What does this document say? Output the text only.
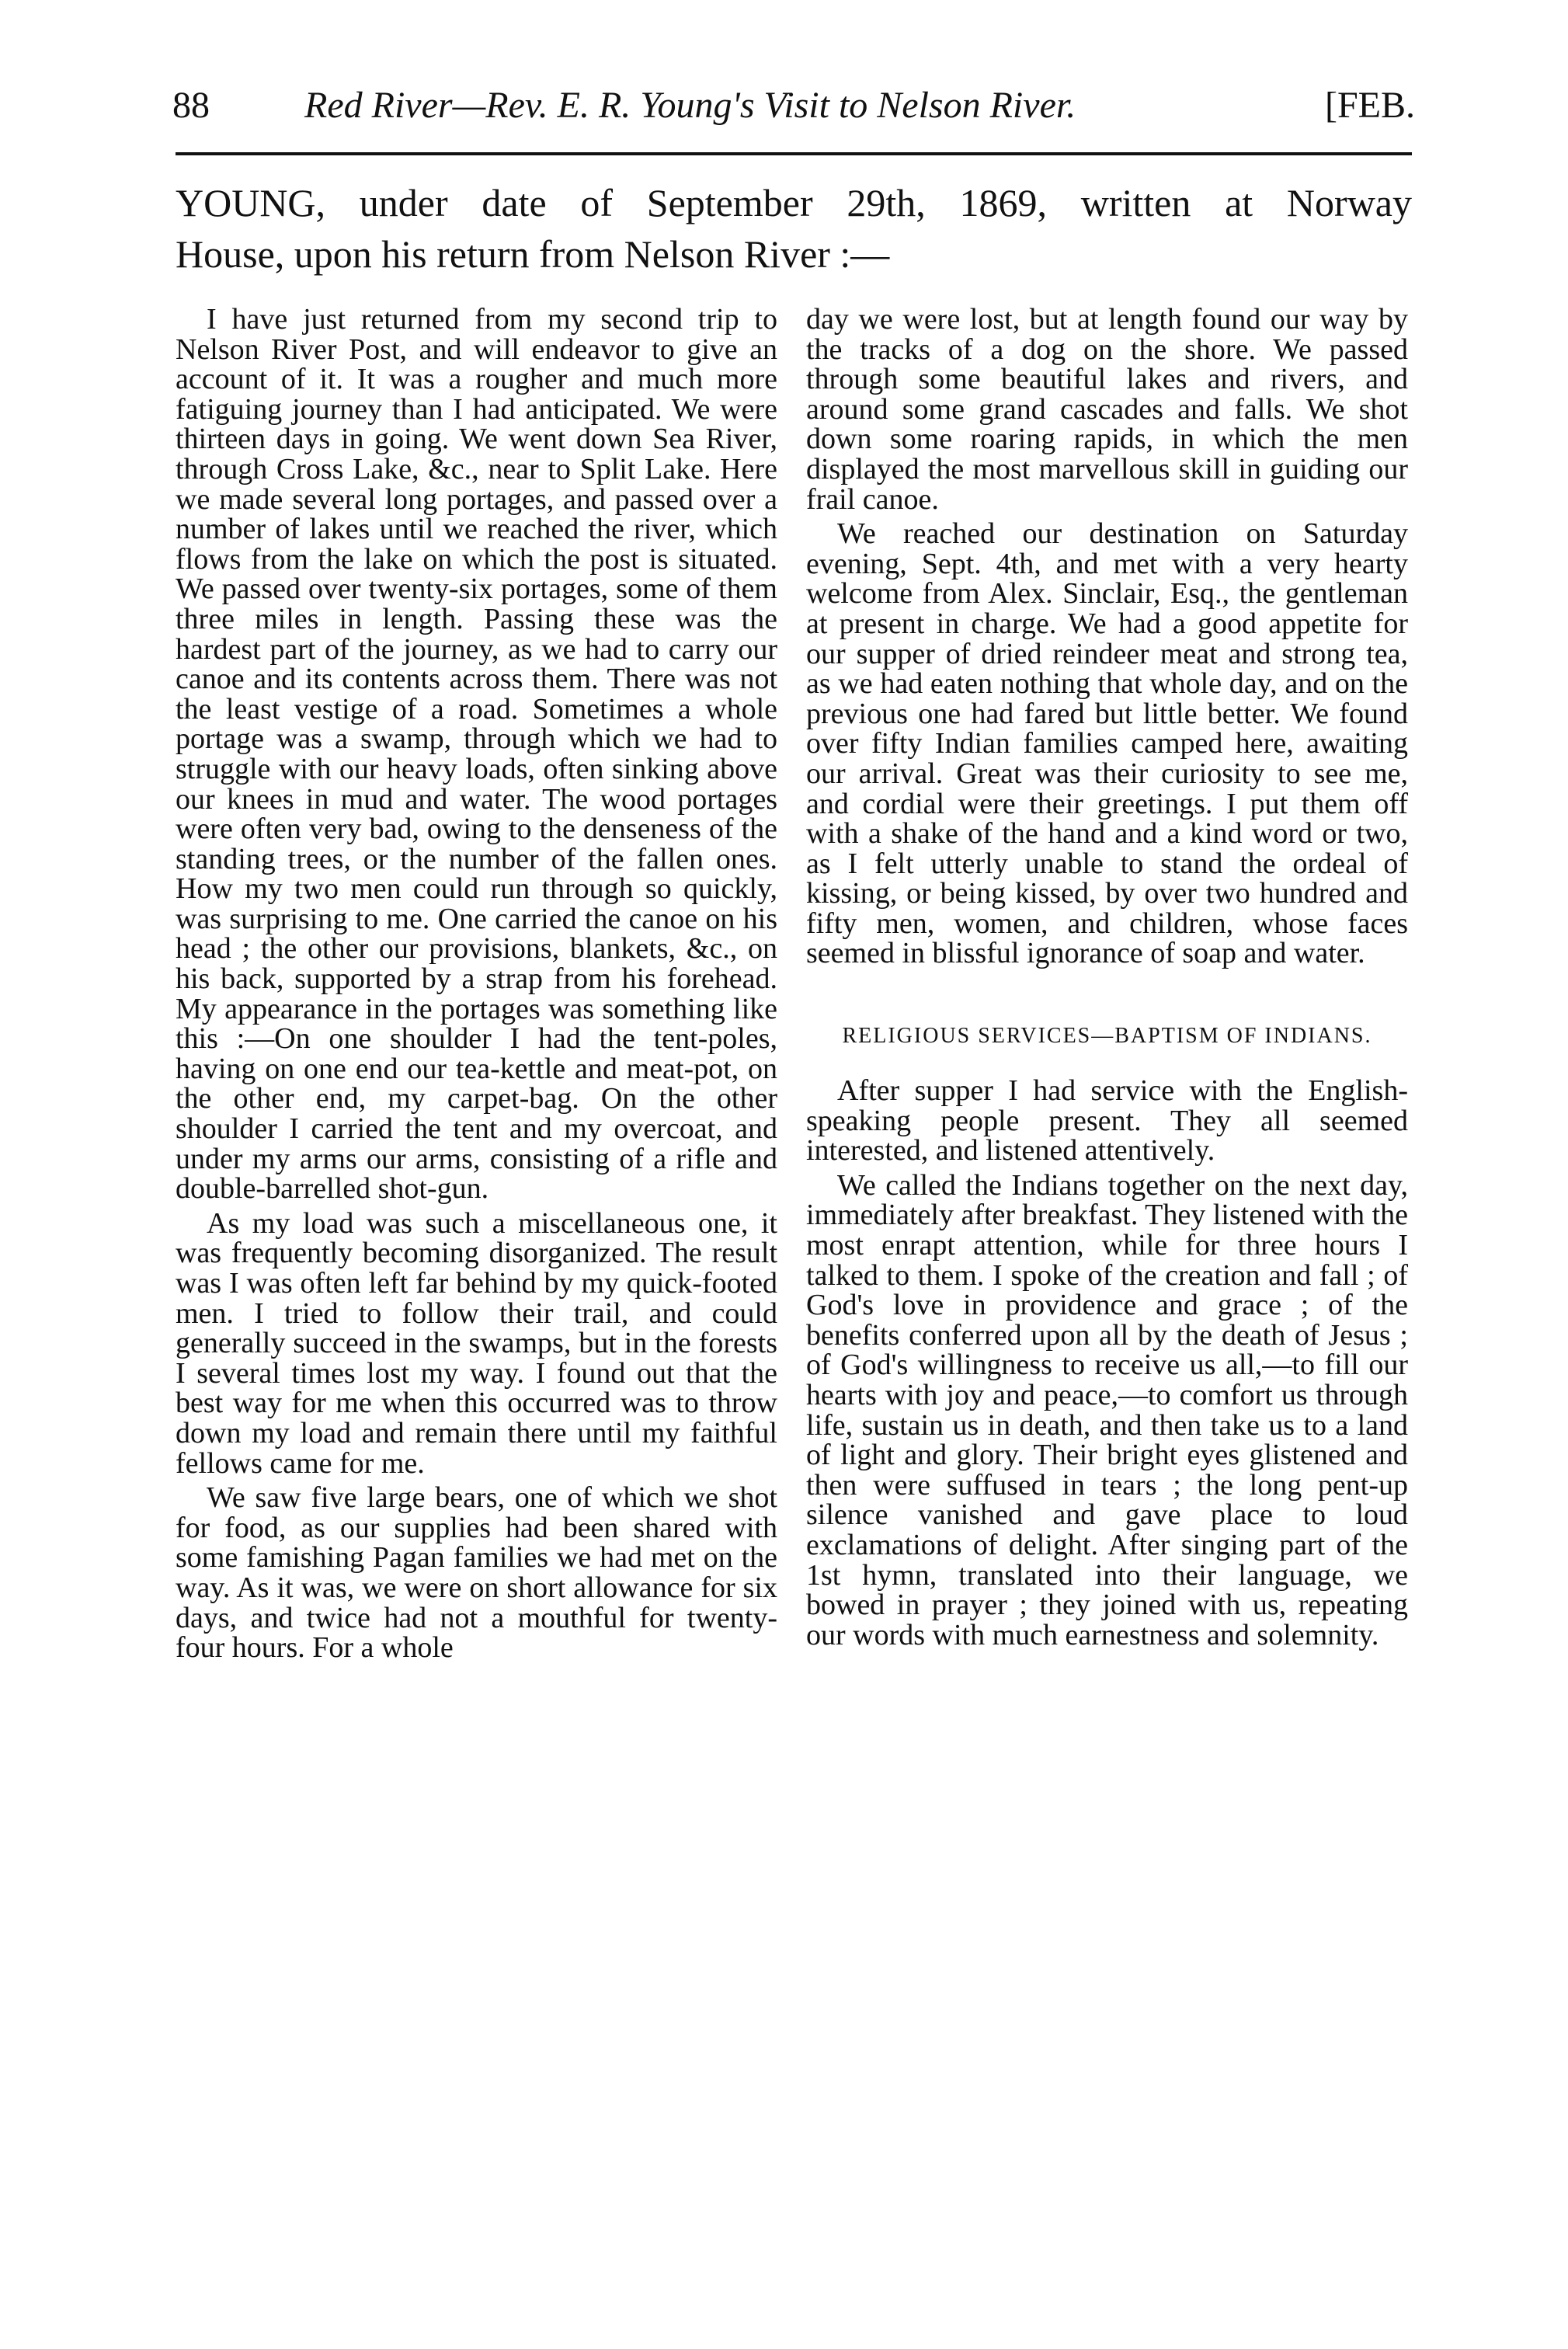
88	Red River—Rev. E. R. Young's Visit to Nelson River.	[FEB.
YOUNG, under date of September 29th, 1869, written at Norway
House, upon his return from Nelson River :—

I have just returned from my second trip to Nelson River Post, and will endeavor to give an account of it. It was a rougher and much more fatiguing journey than I had anticipated. We were thirteen days in going. We went down Sea River, through Cross Lake, &c., near to Split Lake. Here we made several long portages, and passed over a number of lakes until we reached the river, which flows from the lake on which the post is situated. We passed over twenty-six portages, some of them three miles in length. Passing these was the hardest part of the journey, as we had to carry our canoe and its contents across them. There was not the least vestige of a road. Sometimes a whole portage was a swamp, through which we had to struggle with our heavy loads, often sinking above our knees in mud and water. The wood portages were often very bad, owing to the denseness of the standing trees, or the number of the fallen ones. How my two men could run through so quickly, was surprising to me. One carried the canoe on his head ; the other our provisions, blankets, &c., on his back, supported by a strap from his forehead. My appearance in the portages was something like this :—On one shoulder I had the tent-poles, having on one end our tea-kettle and meat-pot, on the other end, my carpet-bag. On the other shoulder I carried the tent and my overcoat, and under my arms our arms, consisting of a rifle and double-barrelled shot-gun.

As my load was such a miscellaneous one, it was frequently becoming disorganized. The result was I was often left far behind by my quick-footed men. I tried to follow their trail, and could generally succeed in the swamps, but in the forests I several times lost my way. I found out that the best way for me when this occurred was to throw down my load and remain there until my faithful fellows came for me.

We saw five large bears, one of which we shot for food, as our supplies had been shared with some famishing Pagan families we had met on the way. As it was, we were on short allowance for six days, and twice had not a mouthful for twenty-four hours. For a whole

day we were lost, but at length found our way by the tracks of a dog on the shore. We passed through some beautiful lakes and rivers, and around some grand cascades and falls. We shot down some roaring rapids, in which the men displayed the most marvellous skill in guiding our frail canoe.

We reached our destination on Saturday evening, Sept. 4th, and met with a very hearty welcome from Alex. Sinclair, Esq., the gentleman at present in charge. We had a good appetite for our supper of dried reindeer meat and strong tea, as we had eaten nothing that whole day, and on the previous one had fared but little better. We found over fifty Indian families camped here, awaiting our arrival. Great was their curiosity to see me, and cordial were their greetings. I put them off with a shake of the hand and a kind word or two, as I felt utterly unable to stand the ordeal of kissing, or being kissed, by over two hundred and fifty men, women, and children, whose faces seemed in blissful ignorance of soap and water.

RELIGIOUS SERVICES—BAPTISM OF INDIANS.

After supper I had service with the English-speaking people present. They all seemed interested, and listened attentively.

We called the Indians together on the next day, immediately after breakfast. They listened with the most enrapt attention, while for three hours I talked to them. I spoke of the creation and fall ; of God's love in providence and grace ; of the benefits conferred upon all by the death of Jesus ; of God's willingness to receive us all,—to fill our hearts with joy and peace,—to comfort us through life, sustain us in death, and then take us to a land of light and glory. Their bright eyes glistened and then were suffused in tears ; the long pent-up silence vanished and gave place to loud exclamations of delight. After singing part of the 1st hymn, translated into their language, we bowed in prayer ; they joined with us, repeating our words with much earnestness and solemnity.
